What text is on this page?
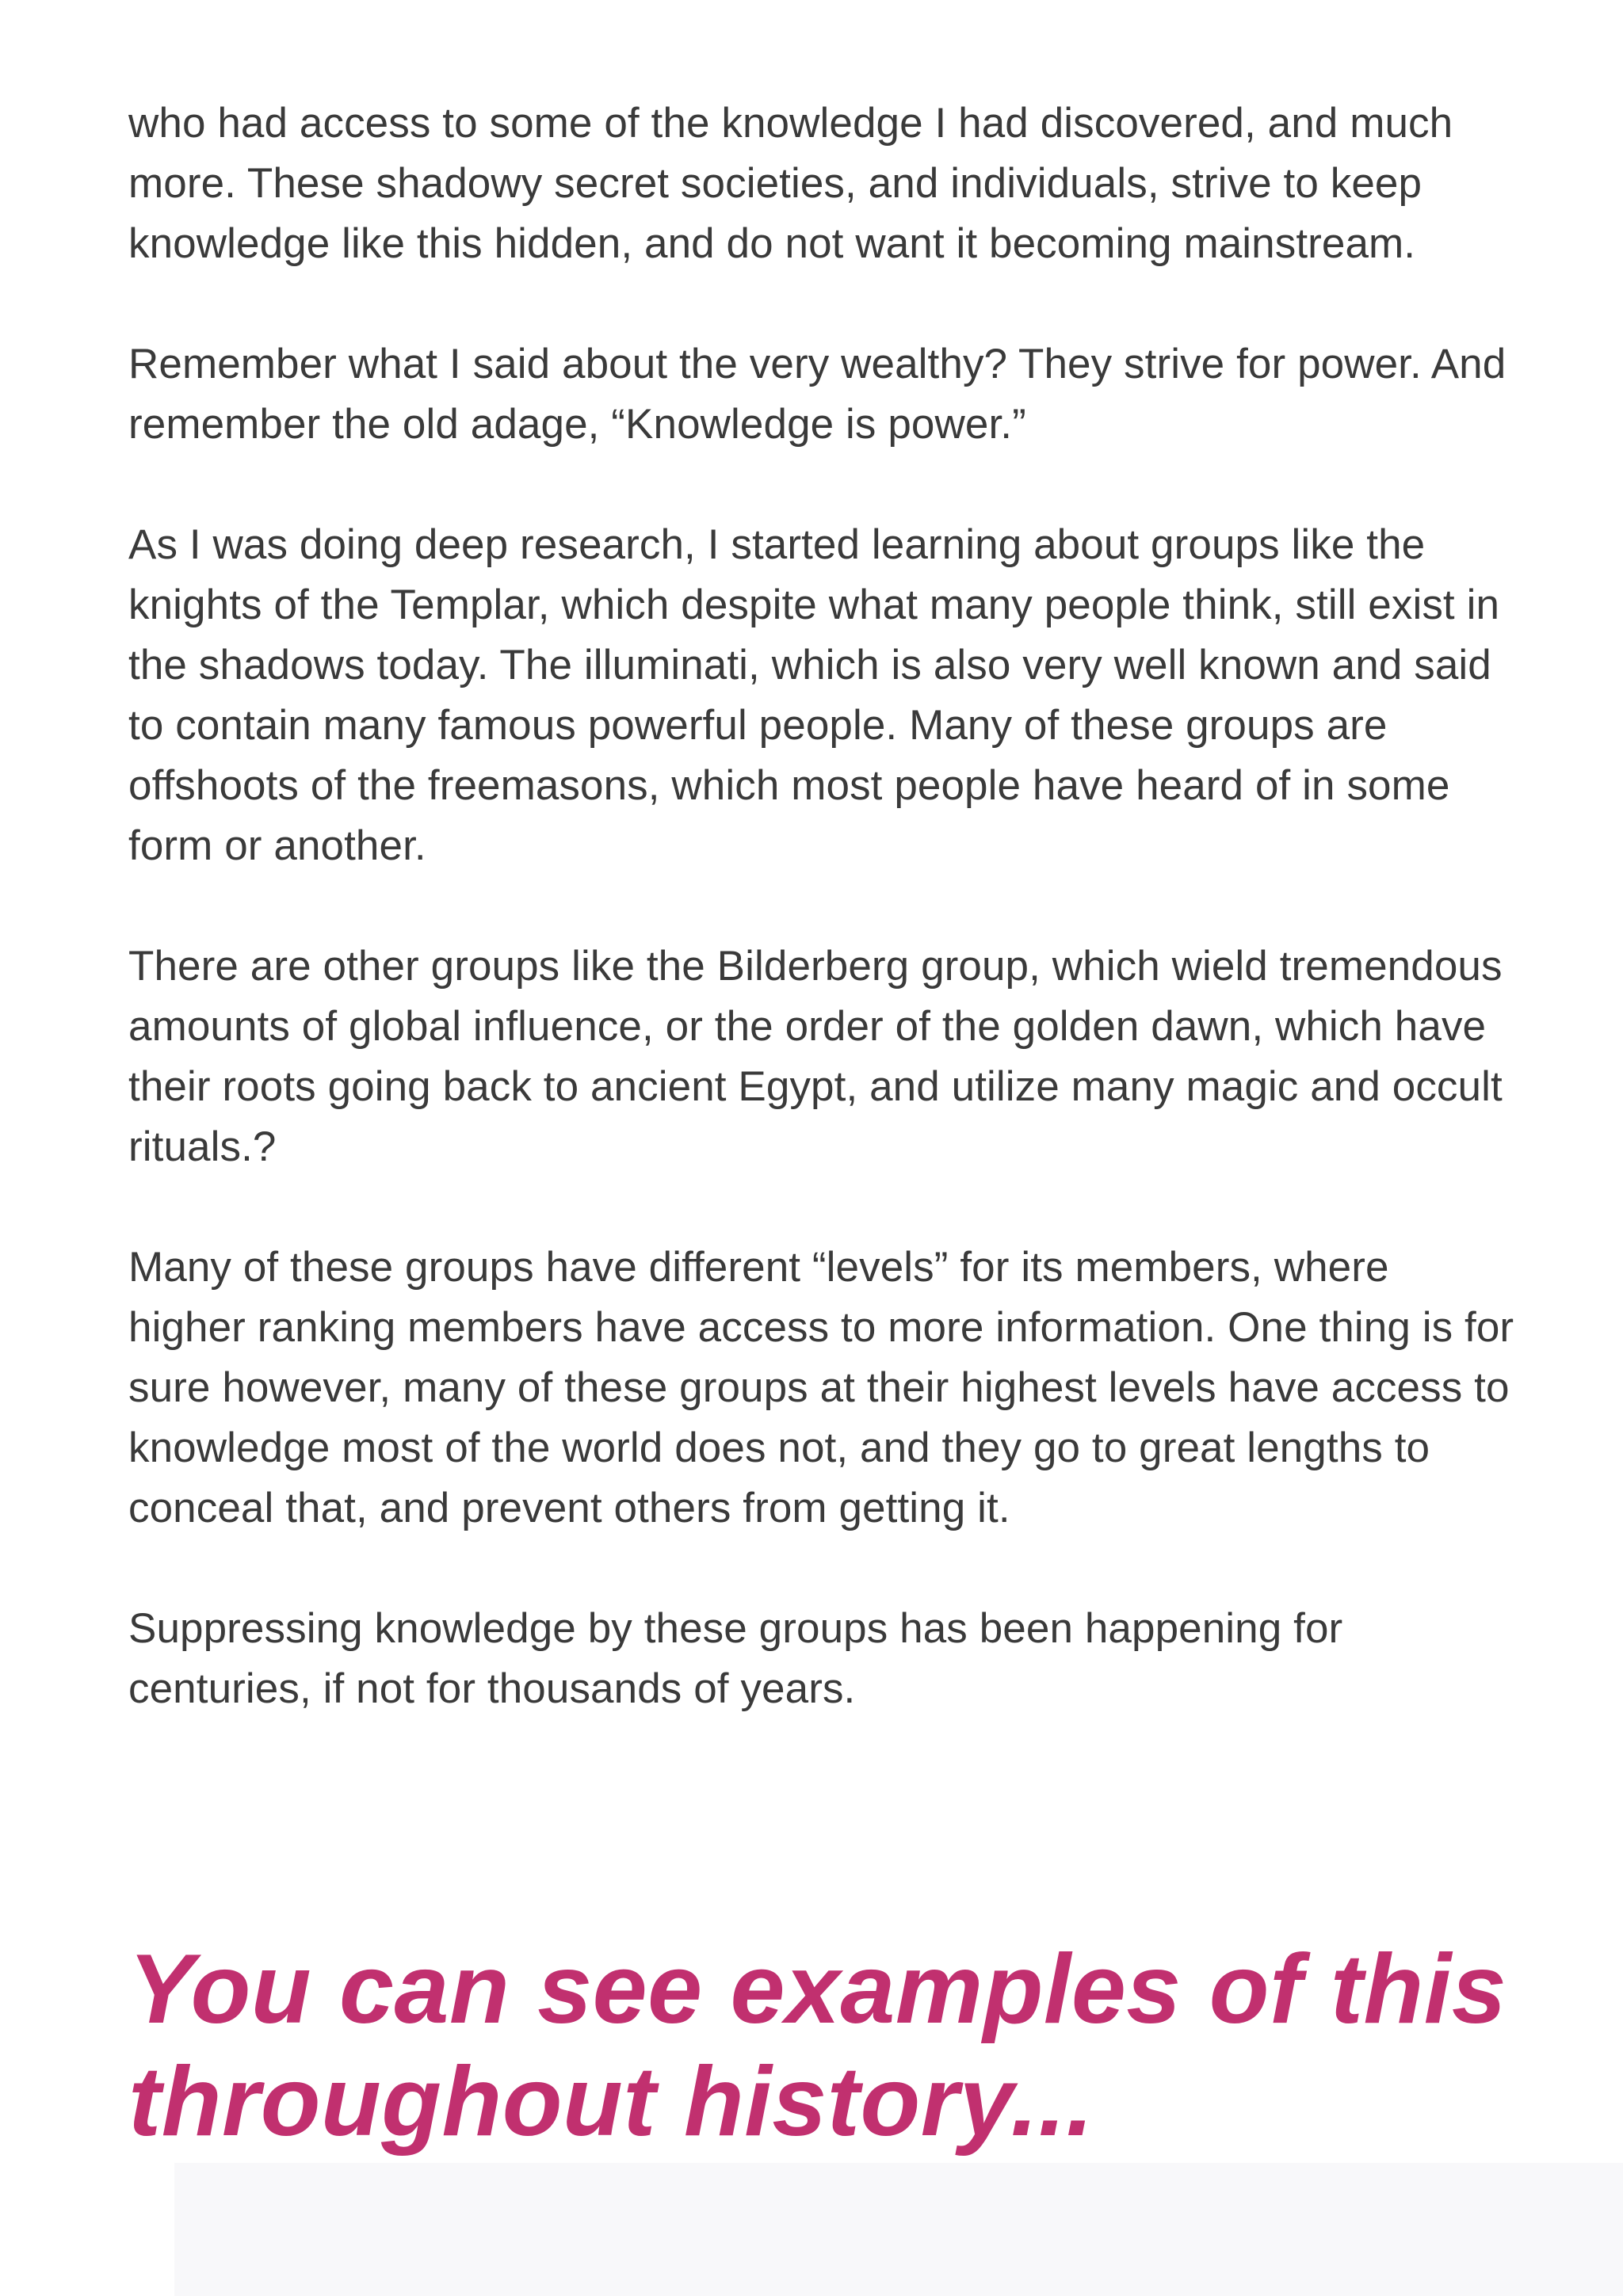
who had access to some of the knowledge I had discovered, and much more. These shadowy secret societies, and individuals, strive to keep knowledge like this hidden, and do not want it becoming mainstream.

Remember what I said about the very wealthy? They strive for power. And remember the old adage, “Knowledge is power.”

As I was doing deep research, I started learning about groups like the knights of the Templar, which despite what many people think, still exist in the shadows today. The illuminati, which is also very well known and said to contain many famous powerful people. Many of these groups are offshoots of the freemasons, which most people have heard of in some form or another.

There are other groups like the Bilderberg group, which wield tremendous amounts of global influence, or the order of the golden dawn, which have their roots going back to ancient Egypt, and utilize many magic and occult rituals.?

Many of these groups have different “levels” for its members, where higher ranking members have access to more information. One thing is for sure however, many of these groups at their highest levels have access to knowledge most of the world does not, and they go to great lengths to conceal that, and prevent others from getting it.

Suppressing knowledge by these groups has been happening for centuries, if not for thousands of years.

You can see examples of this throughout history...
